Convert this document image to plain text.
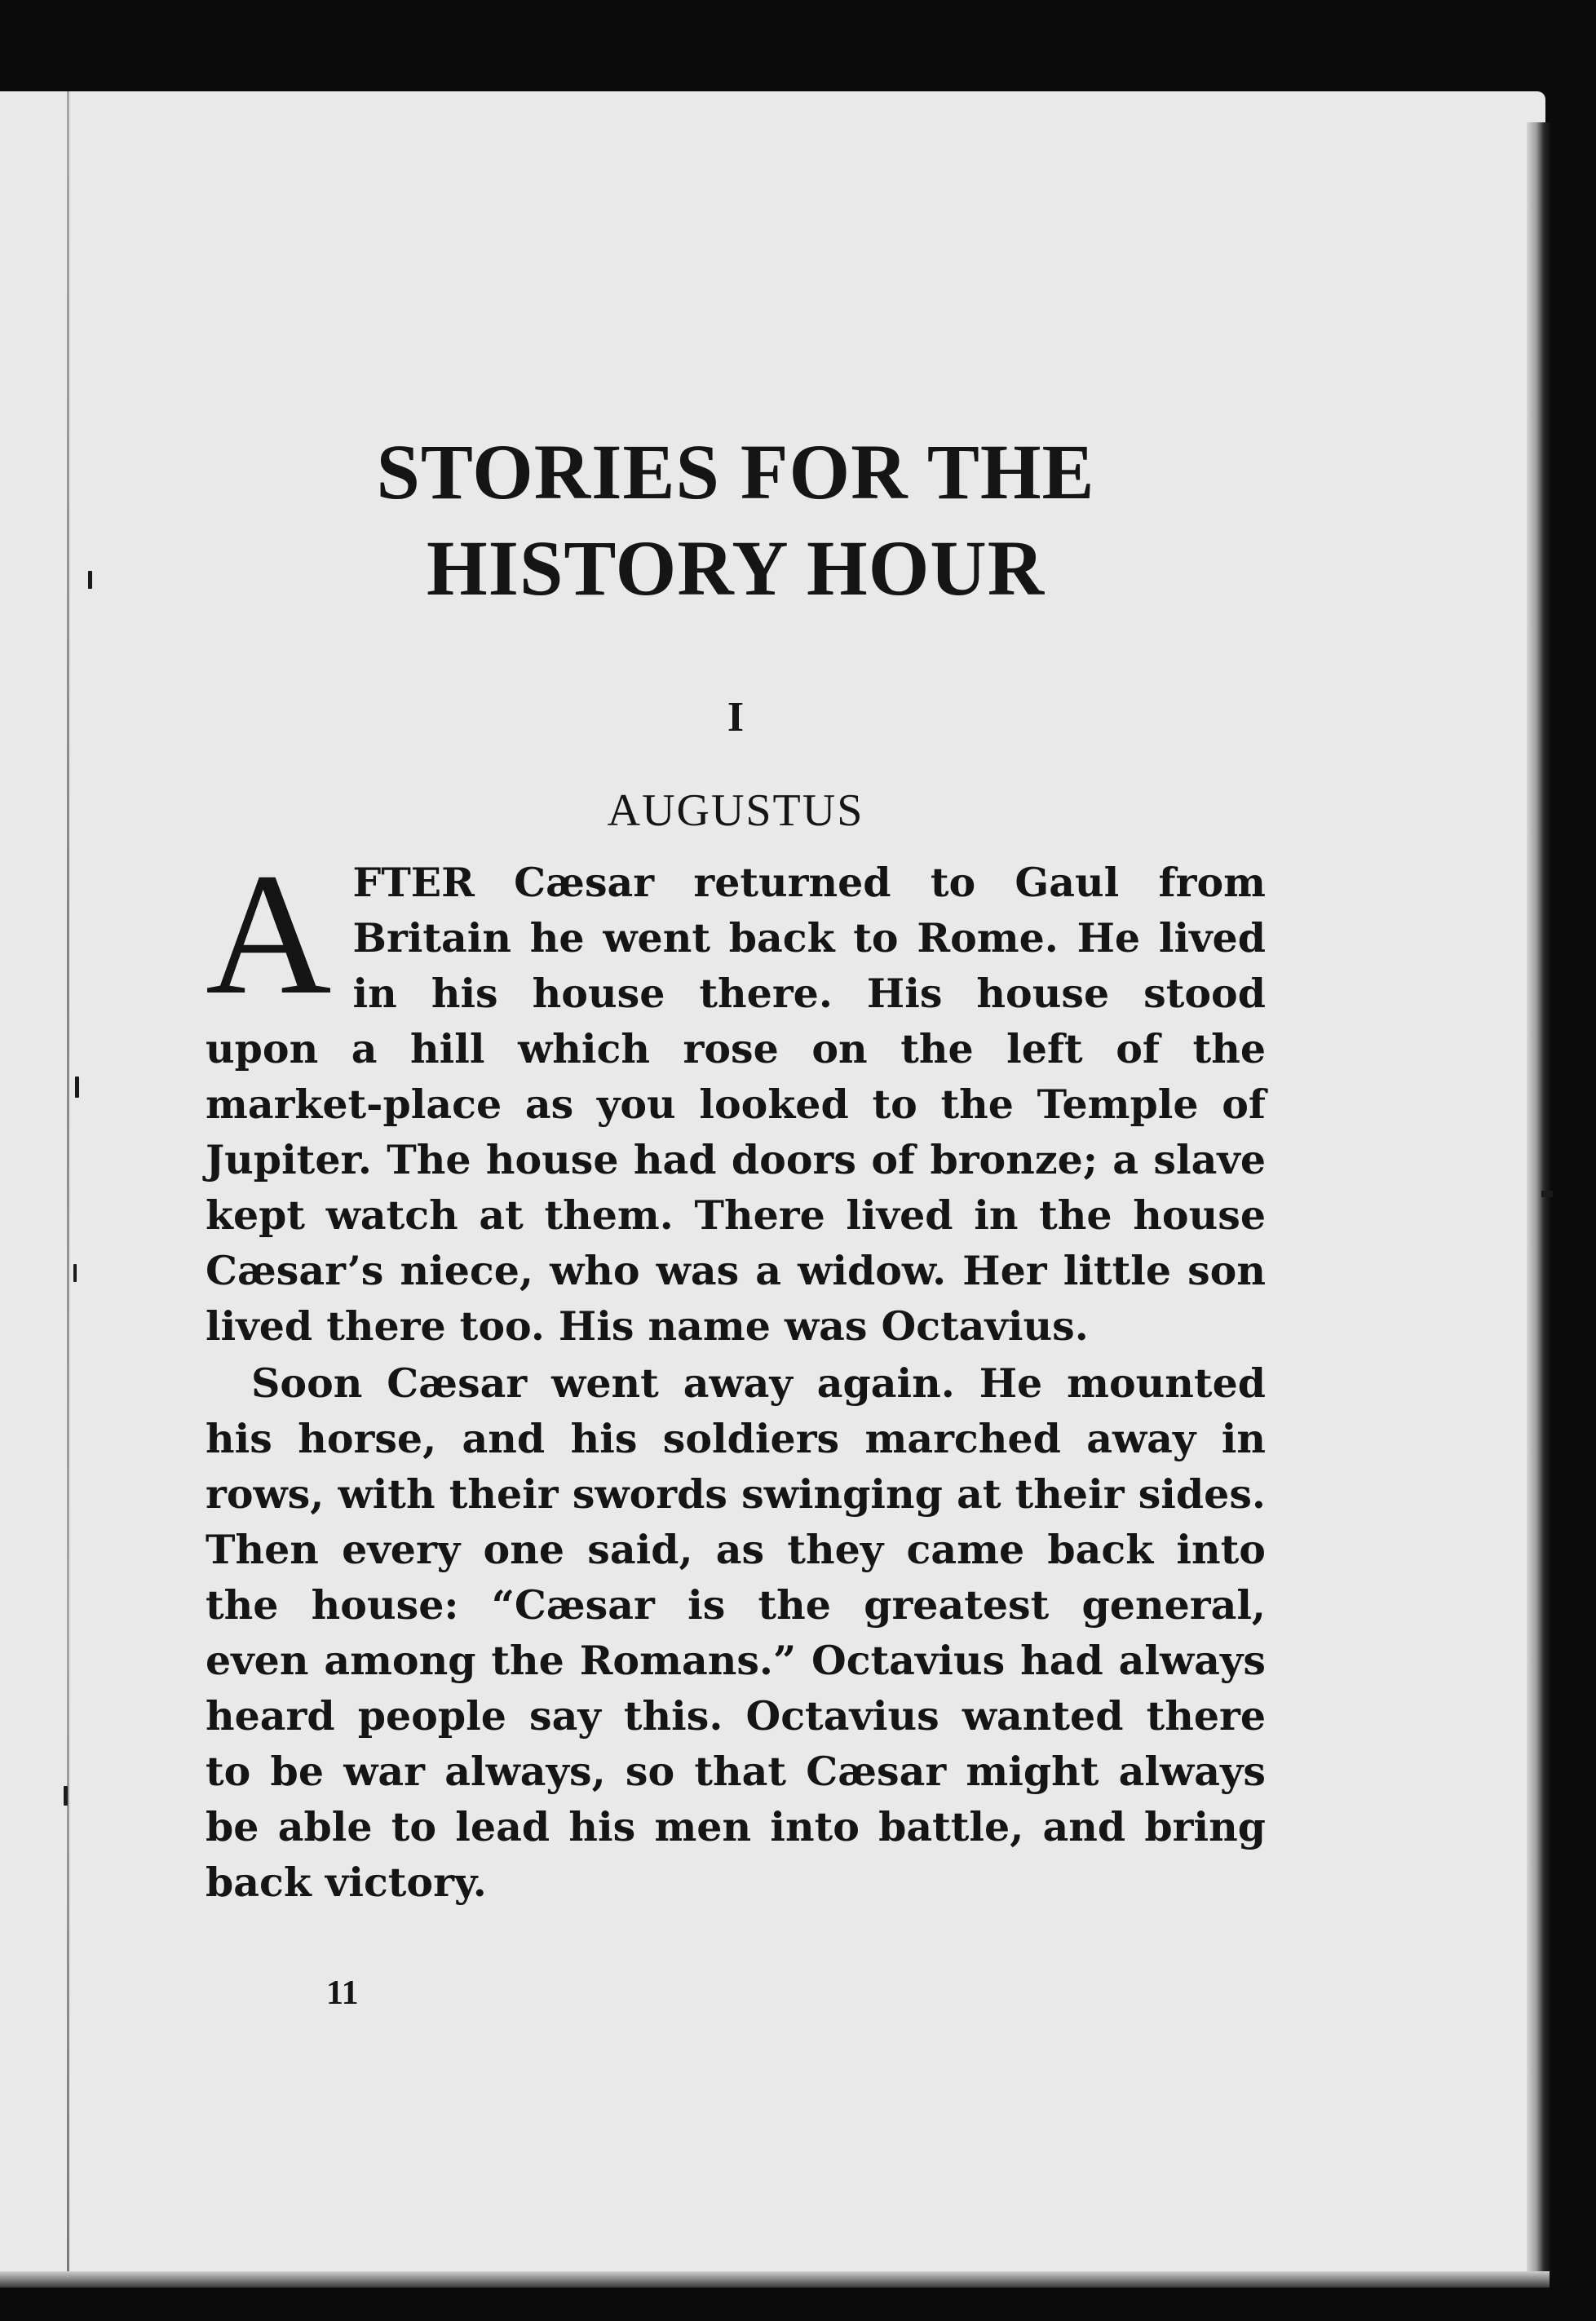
STORIES FOR THE
HISTORY HOUR
I
AUGUSTUS

AFTER Cæsar returned to Gaul from Britain he went back to Rome. He lived in his house there. His house stood upon a hill which rose on the left of the market-place as you looked to the Temple of Jupiter. The house had doors of bronze; a slave kept watch at them. There lived in the house Cæsar’s niece, who was a widow. Her little son lived there too. His name was Octavius.

Soon Cæsar went away again. He mounted his horse, and his soldiers marched away in rows, with their swords swinging at their sides. Then every one said, as they came back into the house: “Cæsar is the greatest general, even among the Romans.” Octavius had always heard people say this. Octavius wanted there to be war always, so that Cæsar might always be able to lead his men into battle, and bring back victory.

11
